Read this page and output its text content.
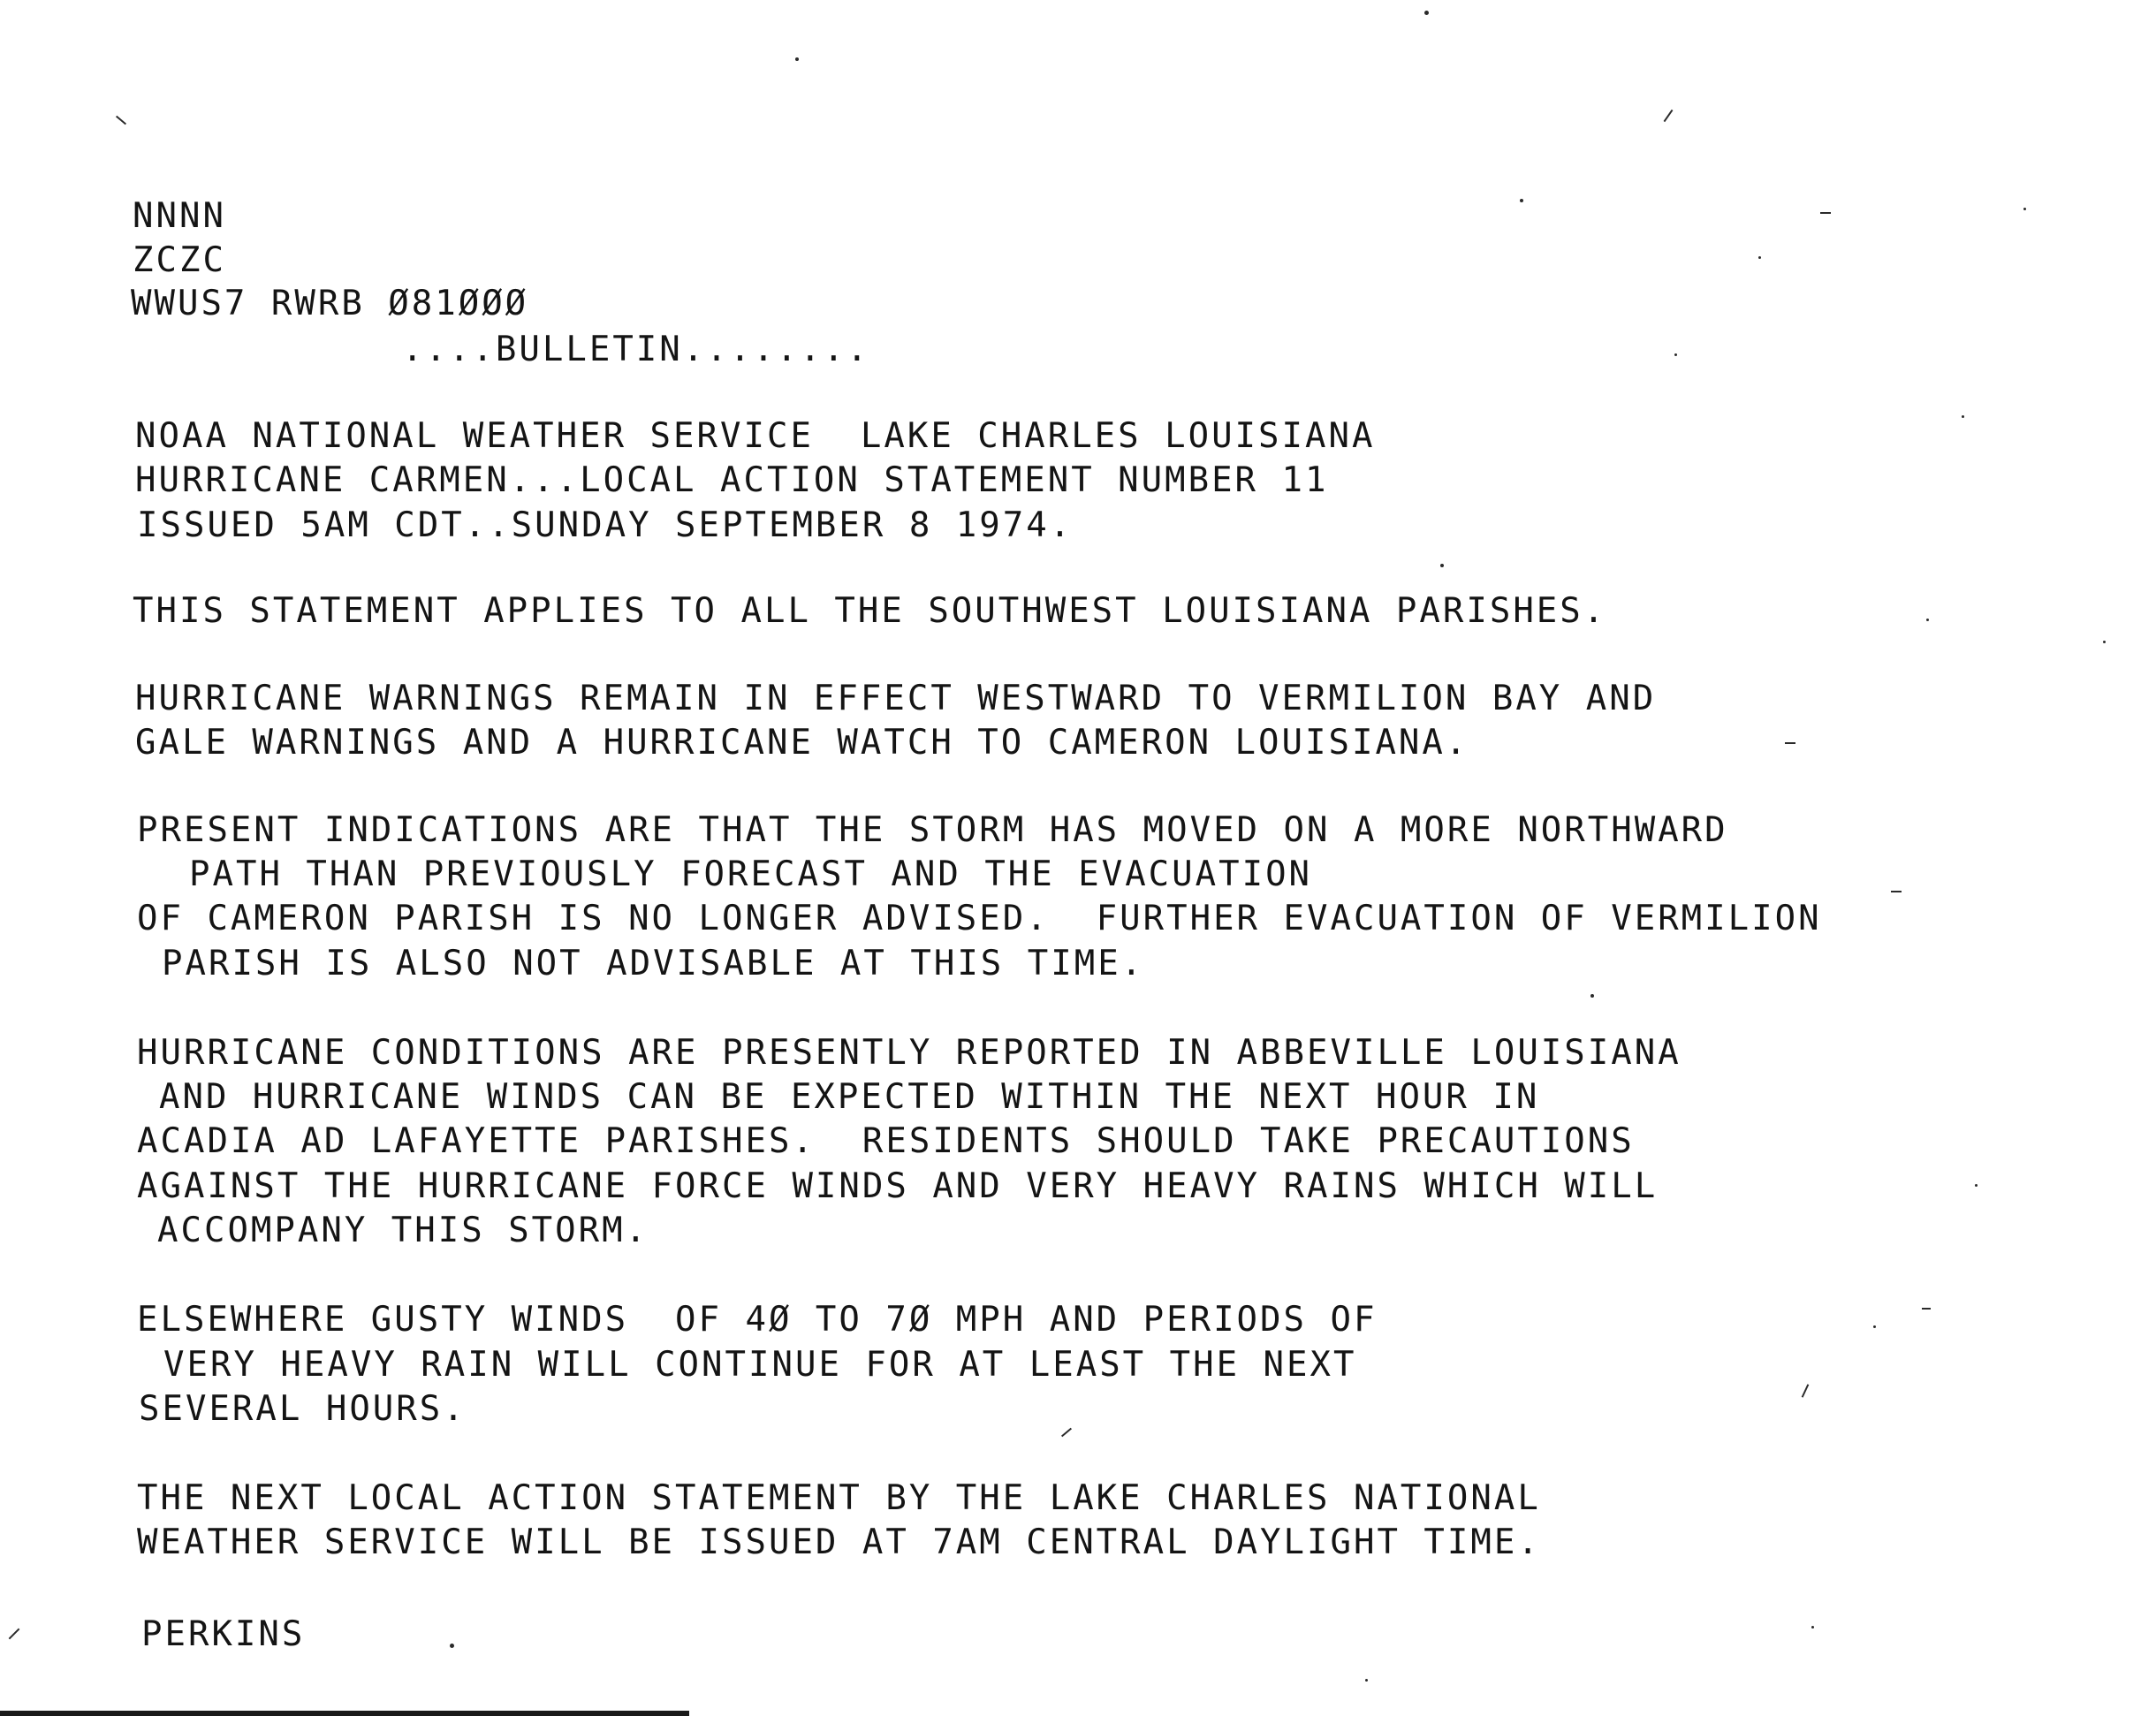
NNNN
ZCZC
WWUS7 RWRB Ø81ØØØ
....BULLETIN........
NOAA NATIONAL WEATHER SERVICE  LAKE CHARLES LOUISIANA
HURRICANE CARMEN...LOCAL ACTION STATEMENT NUMBER 11
ISSUED 5AM CDT..SUNDAY SEPTEMBER 8 1974.
THIS STATEMENT APPLIES TO ALL THE SOUTHWEST LOUISIANA PARISHES.
HURRICANE WARNINGS REMAIN IN EFFECT WESTWARD TO VERMILION BAY AND
GALE WARNINGS AND A HURRICANE WATCH TO CAMERON LOUISIANA.
PRESENT INDICATIONS ARE THAT THE STORM HAS MOVED ON A MORE NORTHWARD
PATH THAN PREVIOUSLY FORECAST AND THE EVACUATION
OF CAMERON PARISH IS NO LONGER ADVISED.  FURTHER EVACUATION OF VERMILION
PARISH IS ALSO NOT ADVISABLE AT THIS TIME.
HURRICANE CONDITIONS ARE PRESENTLY REPORTED IN ABBEVILLE LOUISIANA
AND HURRICANE WINDS CAN BE EXPECTED WITHIN THE NEXT HOUR IN
ACADIA AD LAFAYETTE PARISHES.  RESIDENTS SHOULD TAKE PRECAUTIONS
AGAINST THE HURRICANE FORCE WINDS AND VERY HEAVY RAINS WHICH WILL
ACCOMPANY THIS STORM.
ELSEWHERE GUSTY WINDS  OF 4Ø TO 7Ø MPH AND PERIODS OF
VERY HEAVY RAIN WILL CONTINUE FOR AT LEAST THE NEXT
SEVERAL HOURS.
THE NEXT LOCAL ACTION STATEMENT BY THE LAKE CHARLES NATIONAL
WEATHER SERVICE WILL BE ISSUED AT 7AM CENTRAL DAYLIGHT TIME.
PERKINS
